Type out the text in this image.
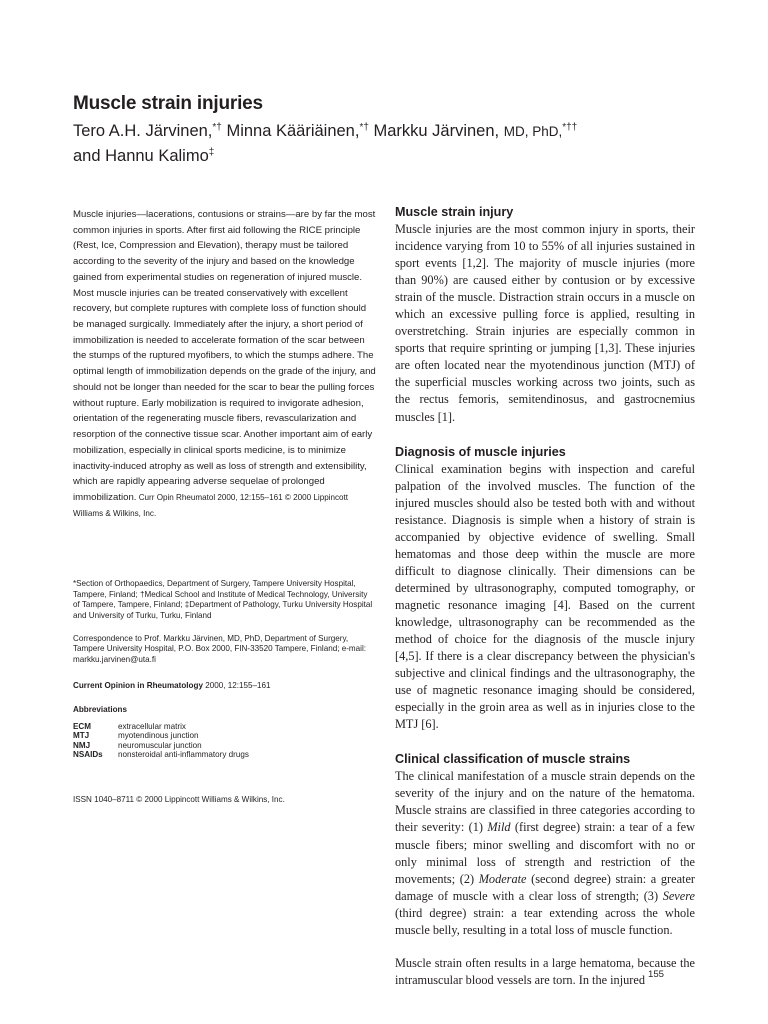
Muscle strain injuries
Tero A.H. Järvinen,*† Minna Kääriäinen,*† Markku Järvinen, MD, PhD,*††
and Hannu Kalimo‡

Muscle injuries—lacerations, contusions or strains—are by far the most common injuries in sports. After first aid following the RICE principle (Rest, Ice, Compression and Elevation), therapy must be tailored according to the severity of the injury and based on the knowledge gained from experimental studies on regeneration of injured muscle. Most muscle injuries can be treated conservatively with excellent recovery, but complete ruptures with complete loss of function should be managed surgically. Immediately after the injury, a short period of immobilization is needed to accelerate formation of the scar between the stumps of the ruptured myofibers, to which the stumps adhere. The optimal length of immobilization depends on the grade of the injury, and should not be longer than needed for the scar to bear the pulling forces without rupture. Early mobilization is required to invigorate adhesion, orientation of the regenerating muscle fibers, revascularization and resorption of the connective tissue scar. Another important aim of early mobilization, especially in clinical sports medicine, is to minimize inactivity-induced atrophy as well as loss of strength and extensibility, which are rapidly appearing adverse sequelae of prolonged immobilization. Curr Opin Rheumatol 2000, 12:155–161 © 2000 Lippincott Williams & Wilkins, Inc.

*Section of Orthopaedics, Department of Surgery, Tampere University Hospital, Tampere, Finland; †Medical School and Institute of Medical Technology, University of Tampere, Tampere, Finland; ‡Department of Pathology, Turku University Hospital and University of Turku, Turku, Finland

Correspondence to Prof. Markku Järvinen, MD, PhD, Department of Surgery, Tampere University Hospital, P.O. Box 2000, FIN-33520 Tampere, Finland; e-mail: markku.jarvinen@uta.fi

Current Opinion in Rheumatology 2000, 12:155–161
Abbreviations
ECM	extracellular matrix
MTJ	myotendinous junction
NMJ	neuromuscular junction
NSAIDs	nonsteroidal anti-inflammatory drugs
ISSN 1040–8711 © 2000 Lippincott Williams & Wilkins, Inc.
Muscle strain injury

Muscle injuries are the most common injury in sports, their incidence varying from 10 to 55% of all injuries sustained in sport events [1,2]. The majority of muscle injuries (more than 90%) are caused either by contusion or by excessive strain of the muscle. Distraction strain occurs in a muscle on which an excessive pulling force is applied, resulting in overstretching. Strain injuries are especially common in sports that require sprinting or jumping [1,3]. These injuries are often located near the myotendinous junction (MTJ) of the superficial muscles working across two joints, such as the rectus femoris, semitendinosus, and gastrocnemius muscles [1].

Diagnosis of muscle injuries

Clinical examination begins with inspection and careful palpation of the involved muscles. The function of the injured muscles should also be tested both with and without resistance. Diagnosis is simple when a history of strain is accompanied by objective evidence of swelling. Small hematomas and those deep within the muscle are more difficult to diagnose clinically. Their dimensions can be determined by ultrasonography, computed tomography, or magnetic resonance imaging [4]. Based on the current knowledge, ultrasonography can be recommended as the method of choice for the diagnosis of the muscle injury [4,5]. If there is a clear discrepancy between the physician's subjective and clinical findings and the ultrasonography, the use of magnetic resonance imaging should be considered, especially in the groin area as well as in injuries close to the MTJ [6].

Clinical classification of muscle strains

The clinical manifestation of a muscle strain depends on the severity of the injury and on the nature of the hematoma. Muscle strains are classified in three categories according to their severity: (1) Mild (first degree) strain: a tear of a few muscle fibers; minor swelling and discomfort with no or only minimal loss of strength and restriction of the movements; (2) Moderate (second degree) strain: a greater damage of muscle with a clear loss of strength; (3) Severe (third degree) strain: a tear extending across the whole muscle belly, resulting in a total loss of muscle function.

Muscle strain often results in a large hematoma, because the intramuscular blood vessels are torn. In the injured 155
